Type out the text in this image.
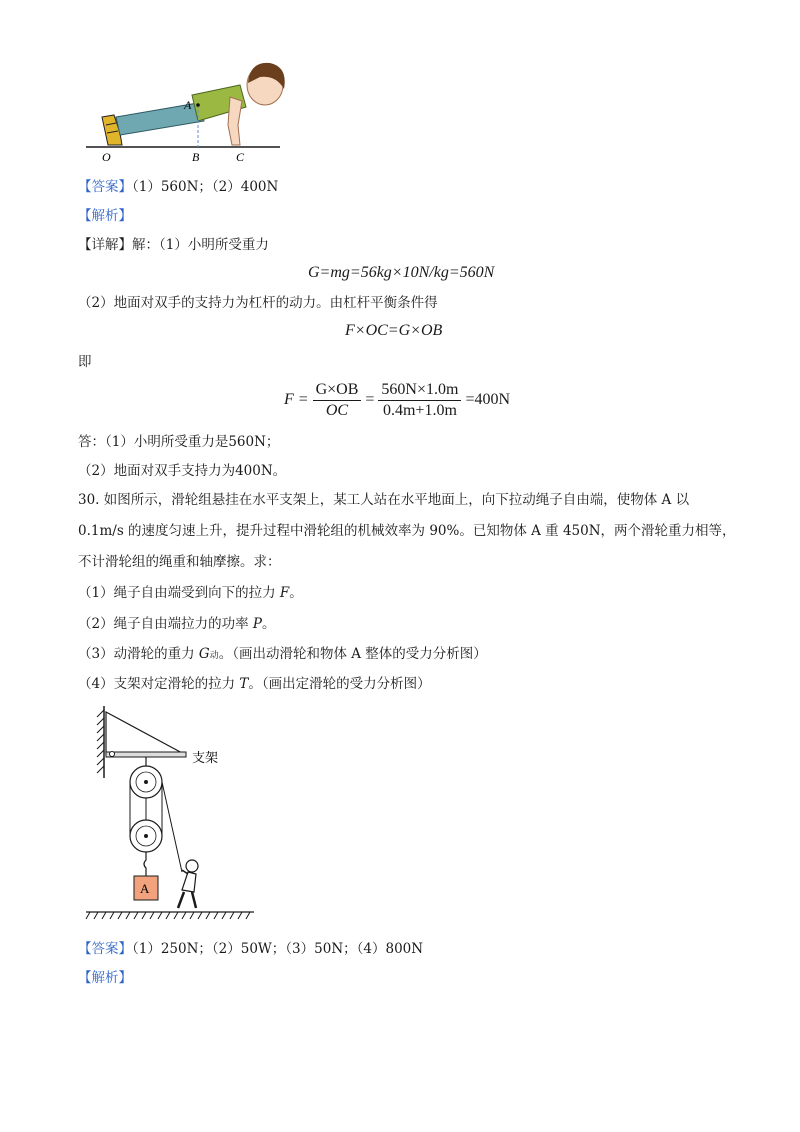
A
O	B	C
【答案】（1）560N；（2）400N
【解析】
【详解】解：（1）小明所受重力
G=mg=56kg×10N/kg=560N
（2）地面对双手的支持力为杠杆的动力。由杠杆平衡条件得
F×OC=G×OB
即
$F = \frac{G\times OB}{OC} = \frac{560N\times 1.0m}{0.4m+1.0m} =400N$
答：（1）小明所受重力是560N；
（2）地面对双手支持力为400N。
30. 如图所示，滑轮组悬挂在水平支架上，某工人站在水平地面上，向下拉动绳子自由端，使物体 A 以
0.1m/s 的速度匀速上升，提升过程中滑轮组的机械效率为 90%。已知物体 A 重 450N，两个滑轮重力相等，
不计滑轮组的绳重和轴摩擦。求：
（1）绳子自由端受到向下的拉力 F。
（2）绳子自由端拉力的功率 P。
（3）动滑轮的重力 G动。（画出动滑轮和物体 A 整体的受力分析图）
（4）支架对定滑轮的拉力 T。（画出定滑轮的受力分析图）
支架
A
【答案】（1）250N；（2）50W；（3）50N；（4）800N
【解析】
